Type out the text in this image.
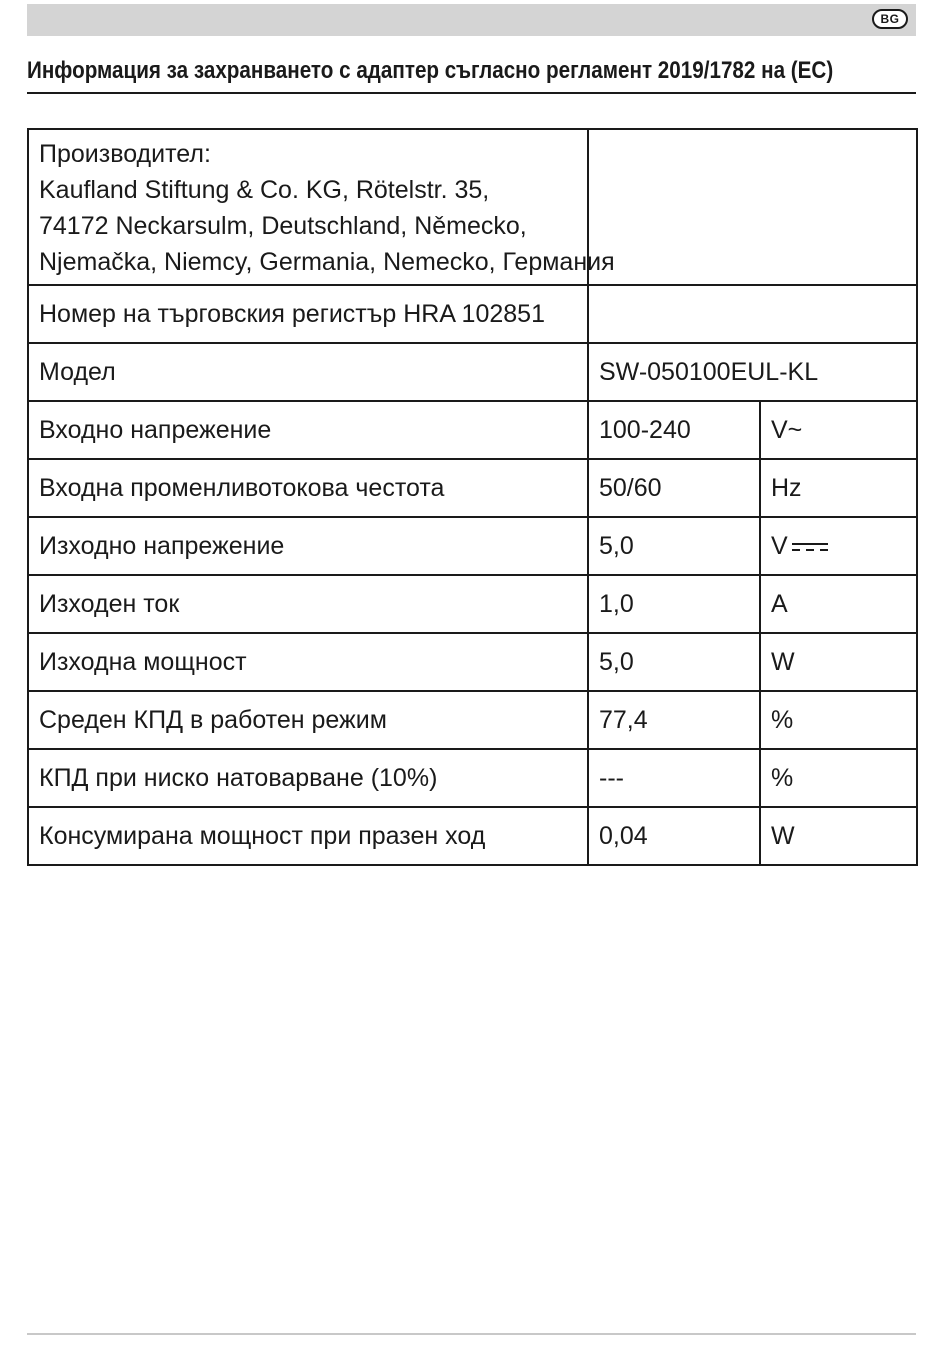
BG
Информация за захранването с адаптер съгласно регламент 2019/1782 на (ЕС)
Производител:
Kaufland Stiftung & Co. KG, Rötelstr. 35,
74172 Neckarsulm, Deutschland, Německo,
Njemačka, Niemcy, Germania, Nemecko, Германия		

Номер на търговския регистър HRA 102851		
Модел	SW-050100EUL-KL	
Входно напрежение	100-240	V~
Входна променливотокова честота	50/60	Hz
Изходно напрежение	5,0	V
Изходен ток	1,0	A
Изходна мощност	5,0	W
Среден КПД в работен режим	77,4	%
КПД при ниско натоварване (10%)	---	%
Консумирана мощност при празен ход	0,04	W
